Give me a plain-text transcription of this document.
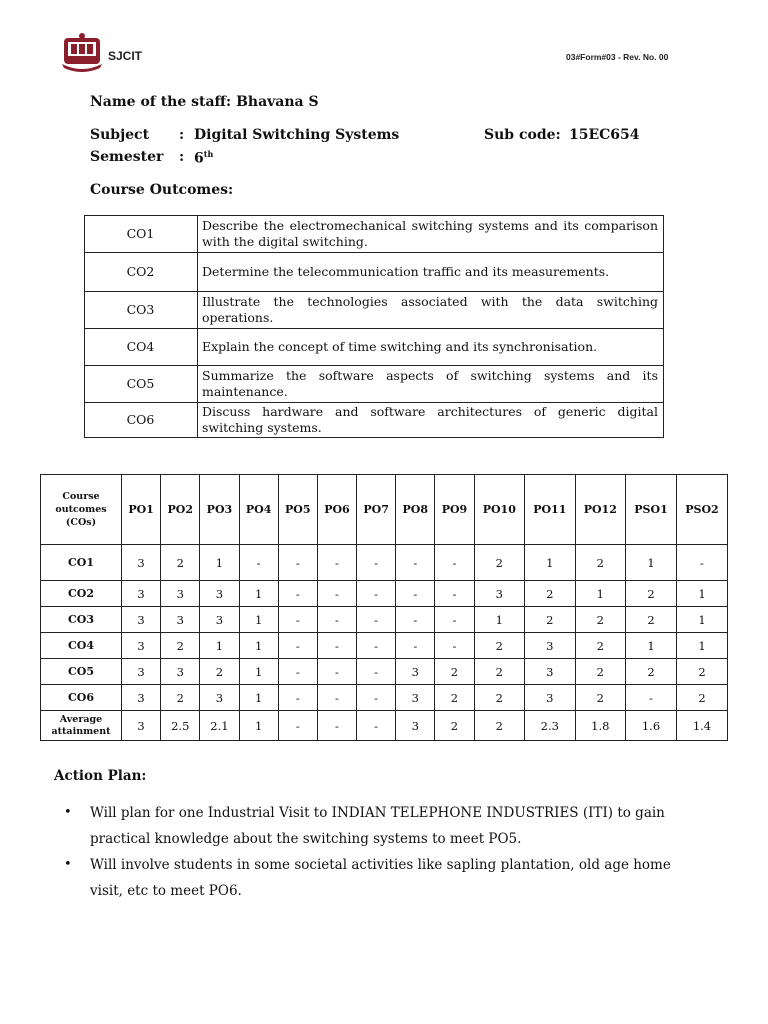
SJCIT	03#Form#03 - Rev. No. 00
Name of the staff: Bhavana S
Subject : Digital Switching Systems	Sub code: 15EC654
Semester : 6th
Course Outcomes:
CO1	Describe the electromechanical switching systems and its comparison with the digital switching.
CO2	Determine the telecommunication traffic and its measurements.
CO3	Illustrate the technologies associated with the data switching operations.
CO4	Explain the concept of time switching and its synchronisation.
CO5	Summarize the software aspects of switching systems and its maintenance.
CO6	Discuss hardware and software architectures of generic digital switching systems.
Course outcomes (COs)	PO1	PO2	PO3	PO4	PO5	PO6	PO7	PO8	PO9	PO10	PO11	PO12	PSO1	PSO2
CO1	3	2	1	-	-	-	-	-	-	2	1	2	1	-
CO2	3	3	3	1	-	-	-	-	-	3	2	1	2	1
CO3	3	3	3	1	-	-	-	-	-	1	2	2	2	1
CO4	3	2	1	1	-	-	-	-	-	2	3	2	1	1
CO5	3	3	2	1	-	-	-	3	2	2	3	2	2	2
CO6	3	2	3	1	-	-	-	3	2	2	3	2	-	2
Average attainment	3	2.5	2.1	1	-	-	-	3	2	2	2.3	1.8	1.6	1.4
Action Plan:
• Will plan for one Industrial Visit to INDIAN TELEPHONE INDUSTRIES (ITI) to gain practical knowledge about the switching systems to meet PO5.
• Will involve students in some societal activities like sapling plantation, old age home visit, etc to meet PO6.
